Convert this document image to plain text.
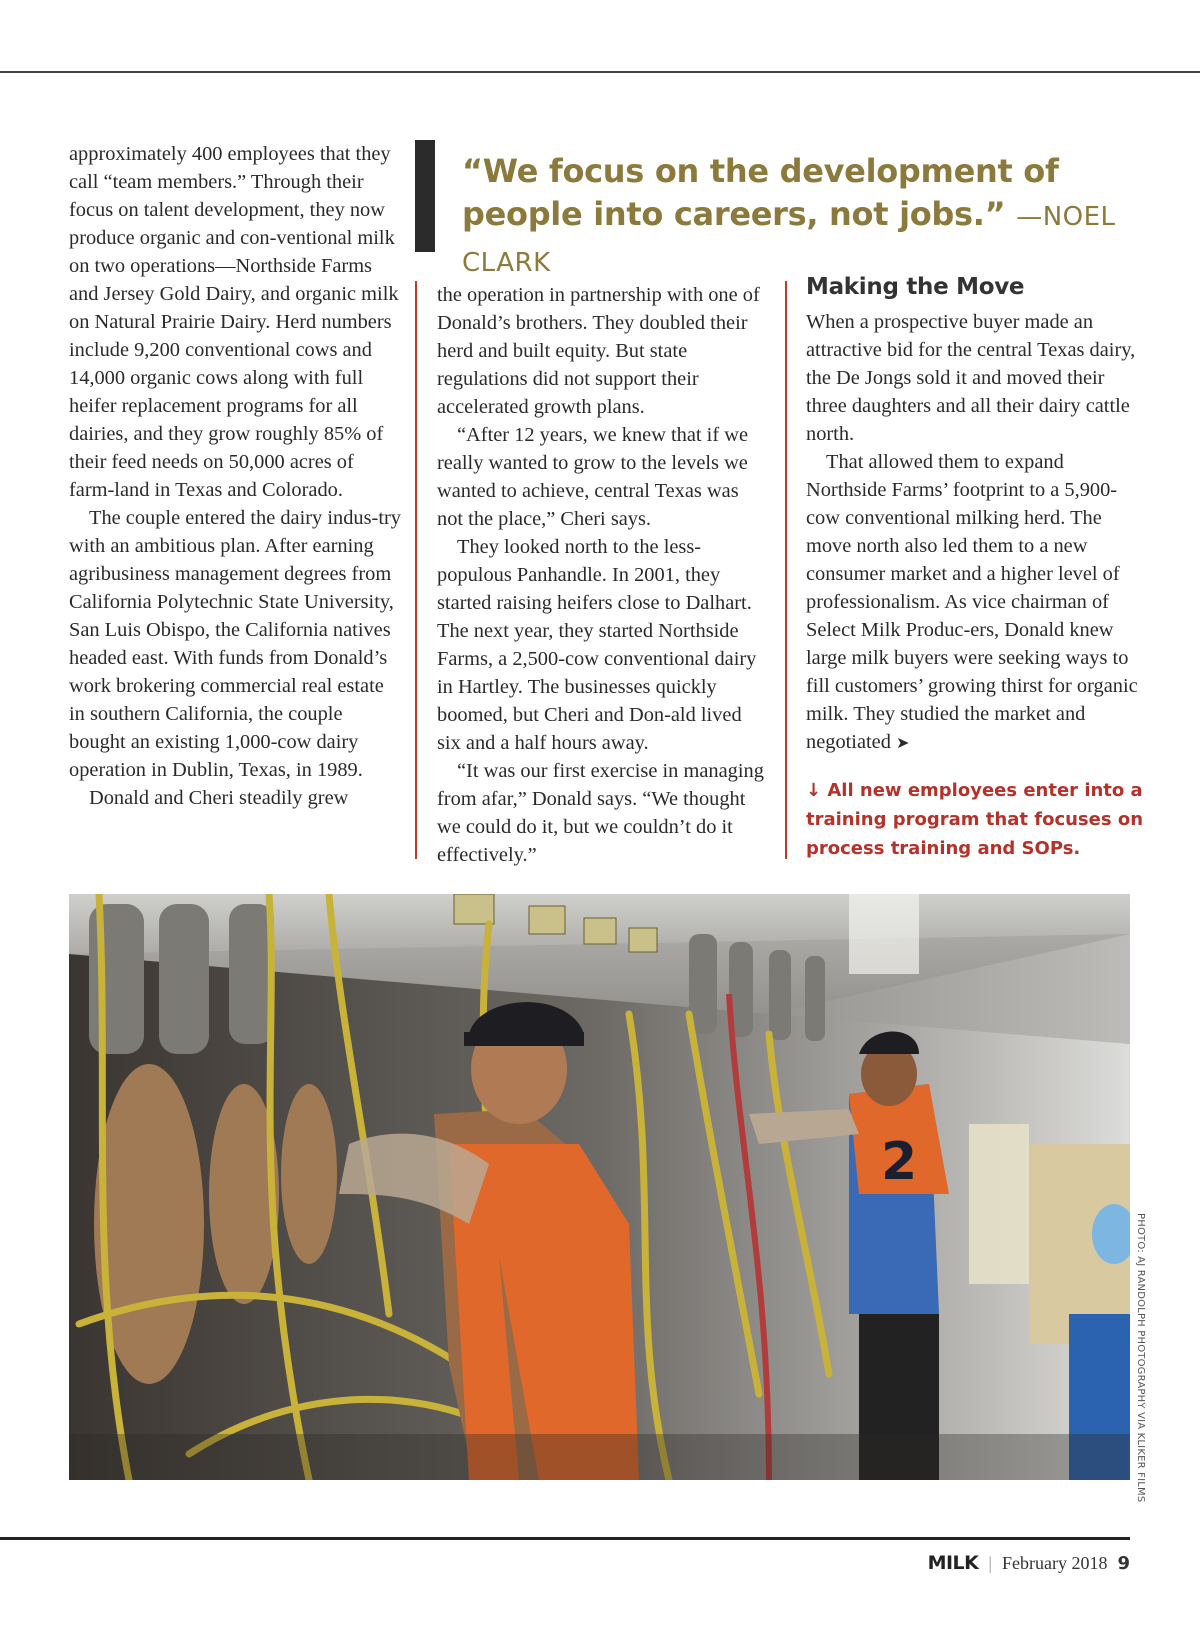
“We focus on the development of people into careers, not jobs.” —NOEL CLARK

approximately 400 employees that they call “team members.” Through their focus on talent development, they now produce organic and con-ventional milk on two operations—Northside Farms and Jersey Gold Dairy, and organic milk on Natural Prairie Dairy. Herd numbers include 9,200 conventional cows and 14,000 organic cows along with full heifer replacement programs for all dairies, and they grow roughly 85% of their feed needs on 50,000 acres of farm-land in Texas and Colorado.

The couple entered the dairy indus-try with an ambitious plan. After earning agribusiness management degrees from California Polytechnic State University, San Luis Obispo, the California natives headed east. With funds from Donald’s work brokering commercial real estate in southern California, the couple bought an existing 1,000-cow dairy operation in Dublin, Texas, in 1989.

Donald and Cheri steadily grew

the operation in partnership with one of Donald’s brothers. They doubled their herd and built equity. But state regulations did not support their accelerated growth plans.

“After 12 years, we knew that if we really wanted to grow to the levels we wanted to achieve, central Texas was not the place,” Cheri says.

They looked north to the less-populous Panhandle. In 2001, they started raising heifers close to Dalhart. The next year, they started Northside Farms, a 2,500-cow conventional dairy in Hartley. The businesses quickly boomed, but Cheri and Don-ald lived six and a half hours away.

“It was our first exercise in managing from afar,” Donald says. “We thought we could do it, but we couldn’t do it effectively.”

Making the Move

When a prospective buyer made an attractive bid for the central Texas dairy, the De Jongs sold it and moved their three daughters and all their dairy cattle north.

That allowed them to expand Northside Farms’ footprint to a 5,900-cow conventional milking herd. The move north also led them to a new consumer market and a higher level of professionalism. As vice chairman of Select Milk Produc-ers, Donald knew large milk buyers were seeking ways to fill customers’ growing thirst for organic milk. They studied the market and negotiated ➤

↓ All new employees enter into a training program that focuses on process training and SOPs.
2
PHOTO: AJ RANDOLPH PHOTOGRAPHY VIA KLIKER FILMS
MILK | February 2018 9
